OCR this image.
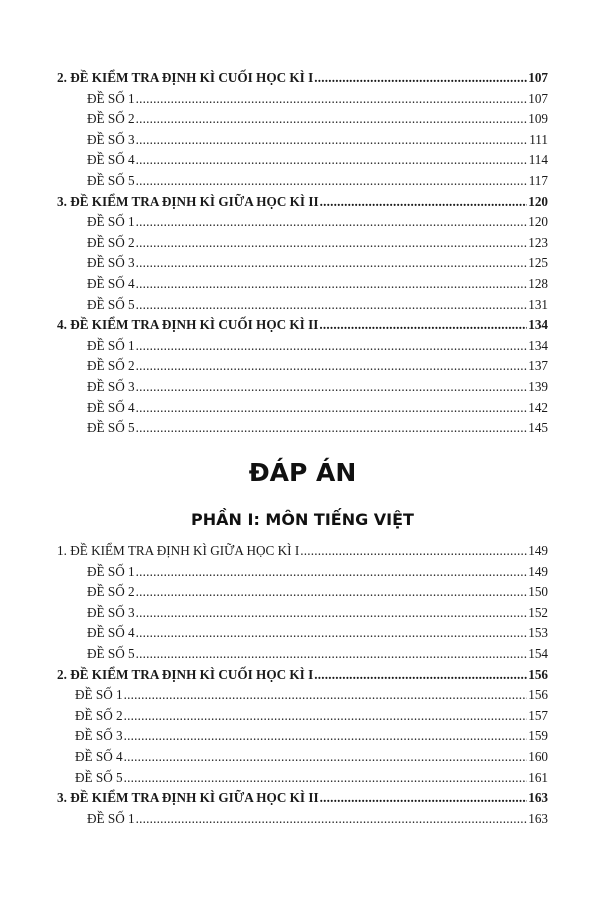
2. ĐỀ KIỂM TRA ĐỊNH KÌ CUỐI HỌC KÌ I .....	107
ĐỀ SỐ 1 .....	107
ĐỀ SỐ 2 .....	109
ĐỀ SỐ 3 .....	111
ĐỀ SỐ 4 .....	114
ĐỀ SỐ 5 .....	117
3. ĐỀ KIỂM TRA ĐỊNH KÌ GIỮA HỌC KÌ II .....	120
ĐỀ SỐ 1 .....	120
ĐỀ SỐ 2 .....	123
ĐỀ SỐ 3 .....	125
ĐỀ SỐ 4 .....	128
ĐỀ SỐ 5 .....	131
4. ĐỀ KIỂM TRA ĐỊNH KÌ CUỐI HỌC KÌ II .....	134
ĐỀ SỐ 1 .....	134
ĐỀ SỐ 2 .....	137
ĐỀ SỐ 3 .....	139
ĐỀ SỐ 4 .....	142
ĐỀ SỐ 5 .....	145
ĐÁP ÁN
PHẦN I: MÔN TIẾNG VIỆT
1. ĐỀ KIỂM TRA ĐỊNH KÌ GIỮA HỌC KÌ I .....	149
ĐỀ SỐ 1 .....	149
ĐỀ SỐ 2 .....	150
ĐỀ SỐ 3 .....	152
ĐỀ SỐ 4 .....	153
ĐỀ SỐ 5 .....	154
2. ĐỀ KIỂM TRA ĐỊNH KÌ CUỐI HỌC KÌ I .....	156
ĐỀ SỐ 1 .....	156
ĐỀ SỐ 2 .....	157
ĐỀ SỐ 3 .....	159
ĐỀ SỐ 4 .....	160
ĐỀ SỐ 5 .....	161
3. ĐỀ KIỂM TRA ĐỊNH KÌ GIỮA HỌC KÌ II .....	163
ĐỀ SỐ 1 .....	163
